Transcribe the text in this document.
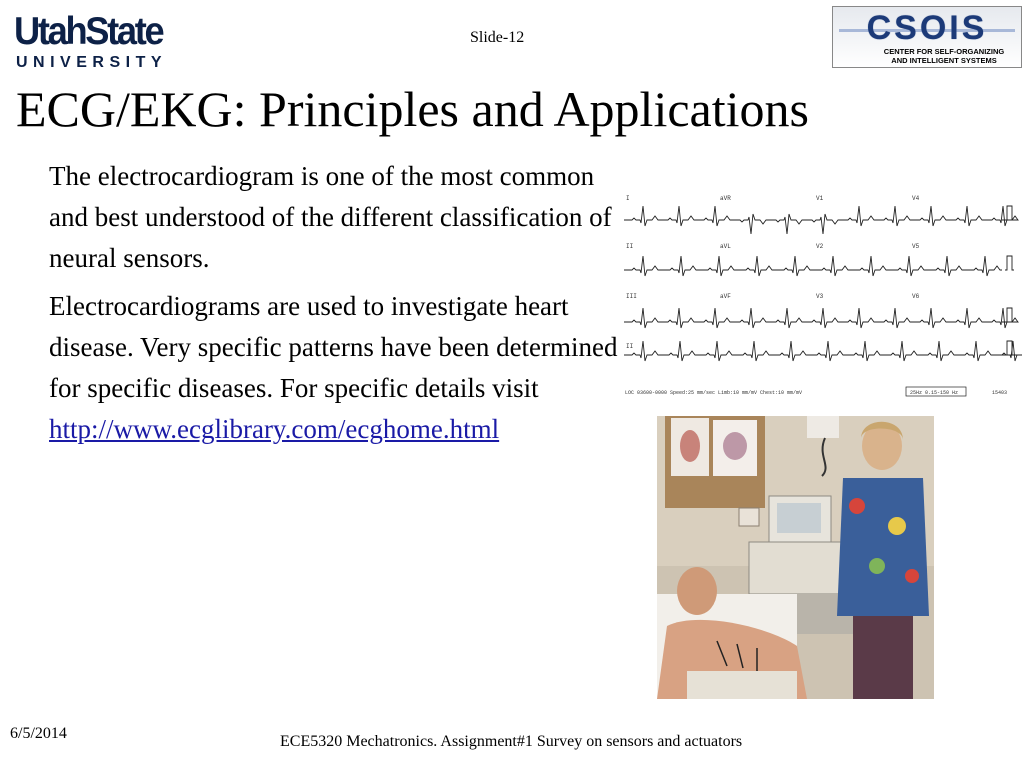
UtahState
UNIVERSITY
Slide-12	CSOIS
CENTER FOR SELF-ORGANIZING
AND INTELLIGENT SYSTEMS
ECG/EKG: Principles and Applications

The electrocardiogram is one of the most common and best understood of the different classification of neural sensors.

Electrocardiograms are used to investigate heart disease. Very specific patterns have been determined for specific diseases. For specific details visit
http://www.ecglibrary.com/ecghome.html

I	aVR	V1	V4
II	aVL	V2	V5
III	aVF	V3	V6
II
LOC 03600-0000 Speed:25 mm/sec Limb:10 mm/mV Chest:10 mm/mV	25Hz 0.15-150 Hz	15403
6/5/2014	ECE5320 Mechatronics. Assignment#1 Survey on sensors and actuators
